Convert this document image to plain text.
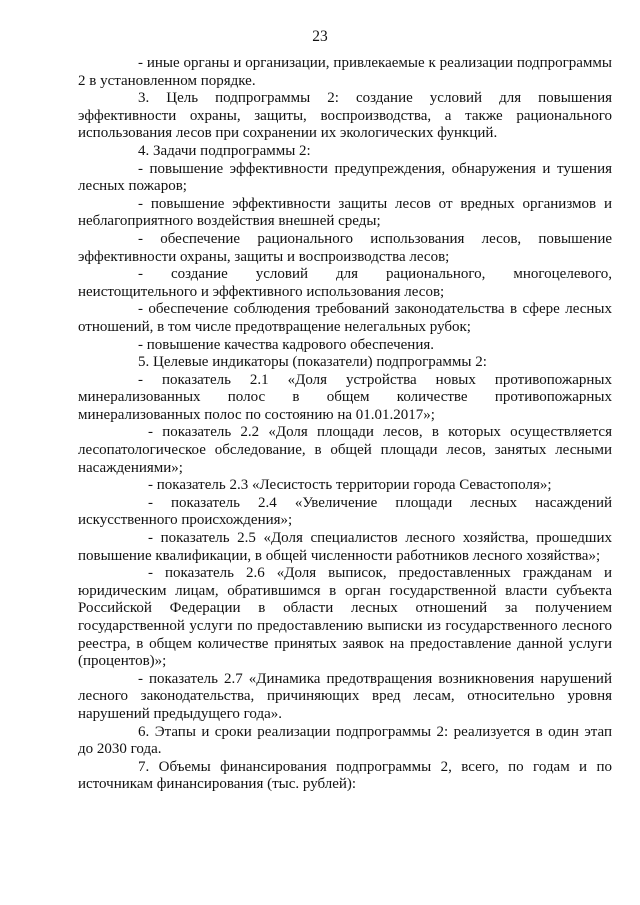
23

- иные органы и организации, привлекаемые к реализации подпрограммы 2 в установленном порядке.

3. Цель подпрограммы 2: создание условий для повышения эффективности охраны, защиты, воспроизводства, а также рационального использования лесов при сохранении их экологических функций.

4. Задачи подпрограммы 2:

- повышение эффективности предупреждения, обнаружения и тушения лесных пожаров;

- повышение эффективности защиты лесов от вредных организмов и неблагоприятного воздействия внешней среды;

- обеспечение рационального использования лесов, повышение эффективности охраны, защиты и воспроизводства лесов;

- создание условий для рационального, многоцелевого, неистощительного и эффективного использования лесов;

- обеспечение соблюдения требований законодательства в сфере лесных отношений, в том числе предотвращение нелегальных рубок;

- повышение качества кадрового обеспечения.

5. Целевые индикаторы (показатели) подпрограммы 2:

- показатель 2.1 «Доля устройства новых противопожарных минерализованных полос в общем количестве противопожарных минерализованных полос по состоянию на 01.01.2017»;

- показатель 2.2 «Доля площади лесов, в которых осуществляется лесопатологическое обследование, в общей площади лесов, занятых лесными насаждениями»;

- показатель 2.3 «Лесистость территории города Севастополя»;

- показатель 2.4 «Увеличение площади лесных насаждений искусственного происхождения»;

- показатель 2.5 «Доля специалистов лесного хозяйства, прошедших повышение квалификации, в общей численности работников лесного хозяйства»;

- показатель 2.6 «Доля выписок, предоставленных гражданам и юридическим лицам, обратившимся в орган государственной власти субъекта Российской Федерации в области лесных отношений за получением государственной услуги по предоставлению выписки из государственного лесного реестра, в общем количестве принятых заявок на предоставление данной услуги (процентов)»;

- показатель 2.7 «Динамика предотвращения возникновения нарушений лесного законодательства, причиняющих вред лесам, относительно уровня нарушений предыдущего года».

6. Этапы и сроки реализации подпрограммы 2: реализуется в один этап до 2030 года.

7. Объемы финансирования подпрограммы 2, всего, по годам и по источникам финансирования (тыс. рублей):
